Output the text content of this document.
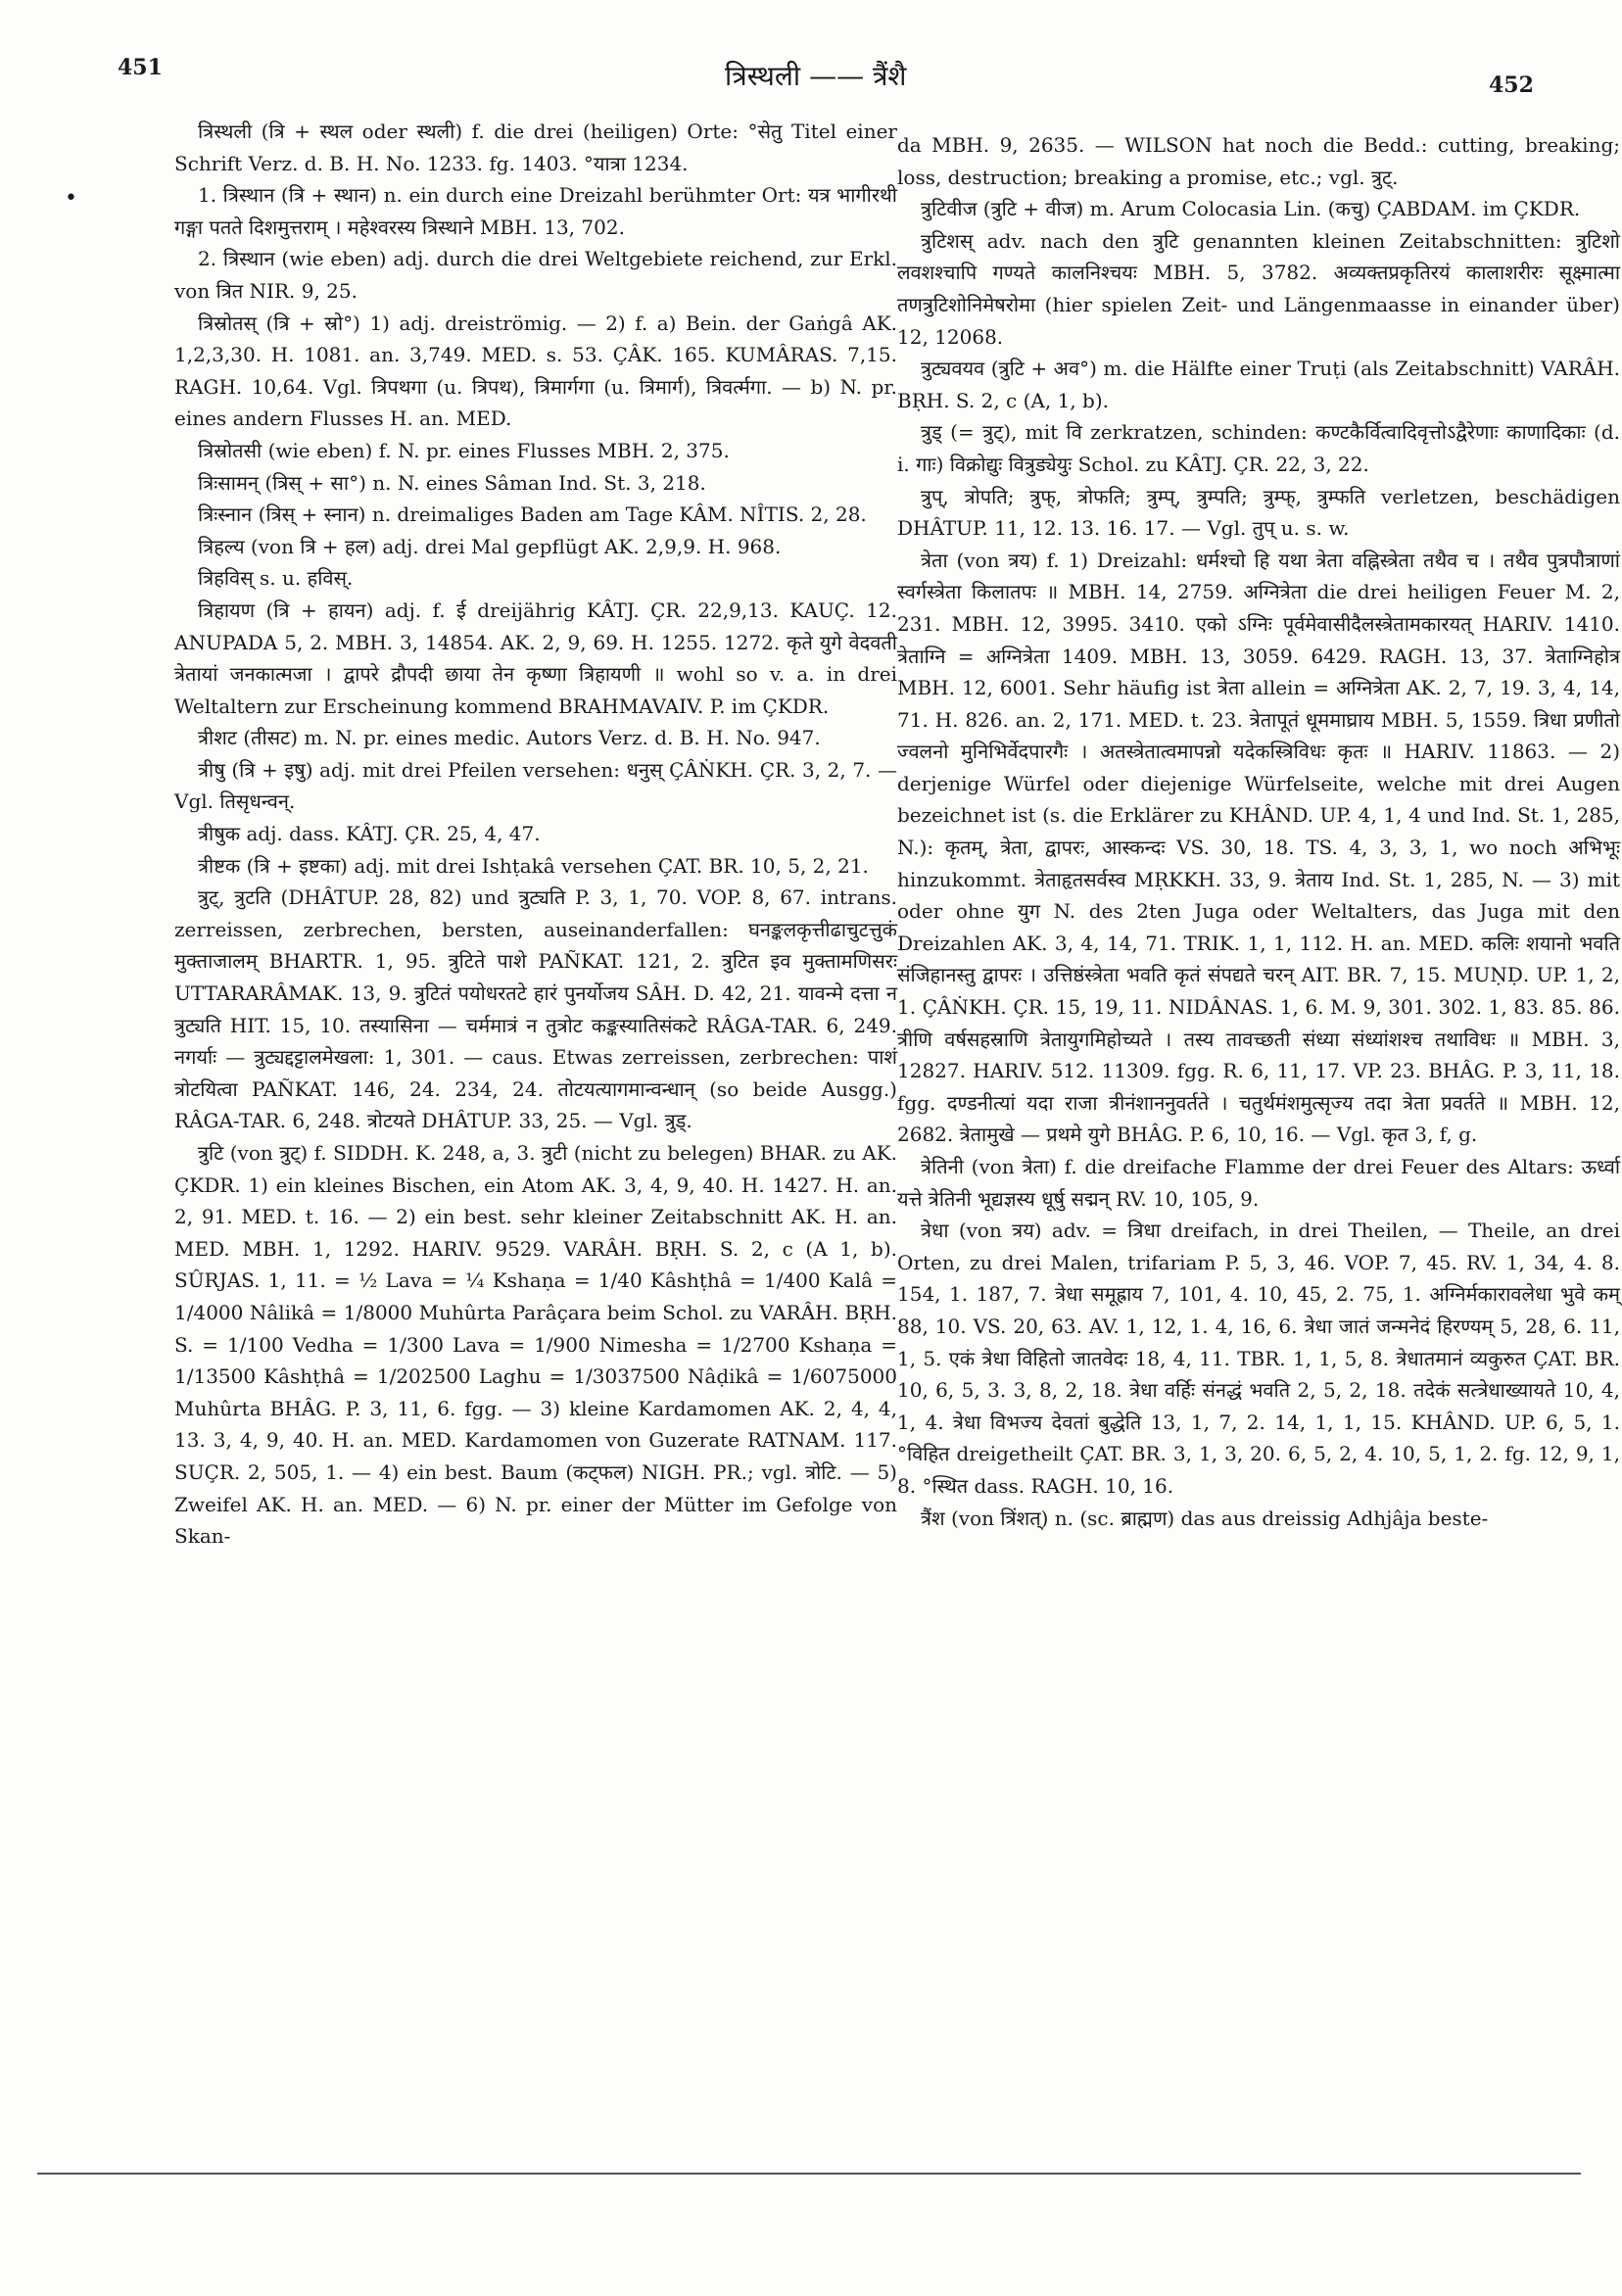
451	त्रिस्थली —— त्रैंशै	452
•

त्रिस्थली (त्रि + स्थल oder स्थली) f. die drei (heiligen) Orte: °सेतु Titel einer Schrift Verz. d. B. H. No. 1233. fg. 1403. °यात्रा 1234.

1. त्रिस्थान (त्रि + स्थान) n. ein durch eine Dreizahl berühmter Ort: यत्र भागीरथी गङ्गा पतते दिशमुत्तराम् । महेश्वरस्य त्रिस्थाने MBH. 13, 702.

2. त्रिस्थान (wie eben) adj. durch die drei Weltgebiete reichend, zur Erkl. von त्रित NIR. 9, 25.

त्रिस्रोतस् (त्रि + स्रो°) 1) adj. dreiströmig. — 2) f. a) Bein. der Gaṅgâ AK. 1,2,3,30. H. 1081. an. 3,749. MED. s. 53. ÇÂK. 165. KUMÂRAS. 7,15. RAGH. 10,64. Vgl. त्रिपथगा (u. त्रिपथ), त्रिमार्गगा (u. त्रिमार्ग), त्रिवर्त्मगा. — b) N. pr. eines andern Flusses H. an. MED.

त्रिस्रोतसी (wie eben) f. N. pr. eines Flusses MBH. 2, 375.

त्रिःसामन् (त्रिस् + सा°) n. N. eines Sâman Ind. St. 3, 218.

त्रिःस्नान (त्रिस् + स्नान) n. dreimaliges Baden am Tage KÂM. NÎTIS. 2, 28.

त्रिहल्य (von त्रि + हल) adj. drei Mal gepflügt AK. 2,9,9. H. 968.

त्रिहविस् s. u. हविस्.

त्रिहायण (त्रि + हायन) adj. f. ई dreijährig KÂTJ. ÇR. 22,9,13. KAUÇ. 12. ANUPADA 5, 2. MBH. 3, 14854. AK. 2, 9, 69. H. 1255. 1272. कृते युगे वेदवती त्रेतायां जनकात्मजा । द्वापरे द्रौपदी छाया तेन कृष्णा त्रिहायणी ॥ wohl so v. a. in drei Weltaltern zur Erscheinung kommend BRAHMAVAIV. P. im ÇKDR.

त्रीशट (तीसट) m. N. pr. eines medic. Autors Verz. d. B. H. No. 947.

त्रीषु (त्रि + इषु) adj. mit drei Pfeilen versehen: धनुस् ÇÂṄKH. ÇR. 3, 2, 7. — Vgl. तिसृधन्वन्.

त्रीषुक adj. dass. KÂTJ. ÇR. 25, 4, 47.

त्रीष्टक (त्रि + इष्टका) adj. mit drei Ishṭakâ versehen ÇAT. BR. 10, 5, 2, 21.

त्रुट्, त्रुटति (DHÂTUP. 28, 82) und त्रुट्यति P. 3, 1, 70. VOP. 8, 67. intrans. zerreissen, zerbrechen, bersten, auseinanderfallen: घनङ्कलकृत्तीढाचुटत्तुकं मुक्ताजालम् BHARTR. 1, 95. त्रुटिते पाशे PAÑKAT. 121, 2. त्रुटित इव मुक्तामणिसरः UTTARARÂMAK. 13, 9. त्रुटितं पयोधरतटे हारं पुनर्योजय SÂH. D. 42, 21. यावन्मे दत्ता न त्रुट्यति HIT. 15, 10. तस्यासिना — चर्ममात्रं न तुत्रोट कङ्कस्यातिसंकटे RÂGA-TAR. 6, 249. नगर्याः — त्रुट्यद्दट्टालमेखला: 1, 301. — caus. Etwas zerreissen, zerbrechen: पाशं त्रोटयित्वा PAÑKAT. 146, 24. 234, 24. तोटयत्यागमान्वन्धान् (so beide Ausgg.) RÂGA-TAR. 6, 248. त्रोटयते DHÂTUP. 33, 25. — Vgl. त्रुड्.

त्रुटि (von त्रुट्) f. SIDDH. K. 248, a, 3. त्रुटी (nicht zu belegen) BHAR. zu AK. ÇKDR. 1) ein kleines Bischen, ein Atom AK. 3, 4, 9, 40. H. 1427. H. an. 2, 91. MED. t. 16. — 2) ein best. sehr kleiner Zeitabschnitt AK. H. an. MED. MBH. 1, 1292. HARIV. 9529. VARÂH. BṚH. S. 2, c (A 1, b). SÛRJAS. 1, 11. = ½ Lava = ¼ Kshaṇa = 1/40 Kâshṭhâ = 1/400 Kalâ = 1/4000 Nâlikâ = 1/8000 Muhûrta Parâçara beim Schol. zu VARÂH. BṚH. S. = 1/100 Vedha = 1/300 Lava = 1/900 Nimesha = 1/2700 Kshaṇa = 1/13500 Kâshṭhâ = 1/202500 Laghu = 1/3037500 Nâḍikâ = 1/6075000 Muhûrta BHÂG. P. 3, 11, 6. fgg. — 3) kleine Kardamomen AK. 2, 4, 4, 13. 3, 4, 9, 40. H. an. MED. Kardamomen von Guzerate RATNAM. 117. SUÇR. 2, 505, 1. — 4) ein best. Baum (कट्फल) NIGH. PR.; vgl. त्रोटि. — 5) Zweifel AK. H. an. MED. — 6) N. pr. einer der Mütter im Gefolge von Skan-

da MBH. 9, 2635. — WILSON hat noch die Bedd.: cutting, breaking; loss, destruction; breaking a promise, etc.; vgl. त्रुट्.

त्रुटिवीज (त्रुटि + वीज) m. Arum Colocasia Lin. (कचु) ÇABDAM. im ÇKDR.

त्रुटिशस् adv. nach den त्रुटि genannten kleinen Zeitabschnitten: त्रुटिशो लवशश्चापि गण्यते कालनिश्चयः MBH. 5, 3782. अव्यक्तप्रकृतिरयं कालाशरीरः सूक्ष्मात्मा तणत्रुटिशोनिमेषरोमा (hier spielen Zeit- und Längenmaasse in einander über) 12, 12068.

त्रुट्यवयव (त्रुटि + अव°) m. die Hälfte einer Truṭi (als Zeitabschnitt) VARÂH. BṚH. S. 2, c (A, 1, b).

त्रुड् (= त्रुट्), mit वि zerkratzen, schinden: कण्टकैर्वित्वादिवृत्तोऽद्वैरेणाः काणादिकाः (d. i. गाः) विक्रोद्युः वित्रुड्येयुः Schol. zu KÂTJ. ÇR. 22, 3, 22.

त्रुप्, त्रोपति; त्रुफ्, त्रोफति; त्रुम्प्, त्रुम्पति; त्रुम्फ्, त्रुम्फति verletzen, beschädigen DHÂTUP. 11, 12. 13. 16. 17. — Vgl. तुप् u. s. w.

त्रेता (von त्रय) f. 1) Dreizahl: धर्मश्चो हि यथा त्रेता वह्निस्त्रेता तथैव च । तथैव पुत्रपौत्राणां स्वर्गस्त्रेता किलातपः ॥ MBH. 14, 2759. अग्नित्रेता die drei heiligen Feuer M. 2, 231. MBH. 12, 3995. 3410. एको ऽग्निः पूर्वमेवासीदैलस्त्रेतामकारयत् HARIV. 1410. त्रेताग्नि = अग्नित्रेता 1409. MBH. 13, 3059. 6429. RAGH. 13, 37. त्रेताग्निहोत्र MBH. 12, 6001. Sehr häufig ist त्रेता allein = अग्नित्रेता AK. 2, 7, 19. 3, 4, 14, 71. H. 826. an. 2, 171. MED. t. 23. त्रेतापूतं धूममाघ्राय MBH. 5, 1559. त्रिधा प्रणीतो ज्वलनो मुनिभिर्वेदपारगैः । अतस्त्रेतात्वमापन्नो यदेकस्त्रिविधः कृतः ॥ HARIV. 11863. — 2) derjenige Würfel oder diejenige Würfelseite, welche mit drei Augen bezeichnet ist (s. die Erklärer zu KHÂND. UP. 4, 1, 4 und Ind. St. 1, 285, N.): कृतम्, त्रेता, द्वापरः, आस्कन्दः VS. 30, 18. TS. 4, 3, 3, 1, wo noch अभिभूः hinzukommt. त्रेताहृतसर्वस्व MṚKKH. 33, 9. त्रेताय Ind. St. 1, 285, N. — 3) mit oder ohne युग N. des 2ten Juga oder Weltalters, das Juga mit den Dreizahlen AK. 3, 4, 14, 71. TRIK. 1, 1, 112. H. an. MED. कलिः शयानो भवति संजिहानस्तु द्वापरः । उत्तिष्ठंस्त्रेता भवति कृतं संपद्यते चरन् AIT. BR. 7, 15. MUṆḌ. UP. 1, 2, 1. ÇÂṄKH. ÇR. 15, 19, 11. NIDÂNAS. 1, 6. M. 9, 301. 302. 1, 83. 85. 86. त्रीणि वर्षसहस्राणि त्रेतायुगमिहोच्यते । तस्य तावच्छती संध्या संध्यांशश्च तथाविधः ॥ MBH. 3, 12827. HARIV. 512. 11309. fgg. R. 6, 11, 17. VP. 23. BHÂG. P. 3, 11, 18. fgg. दण्डनीत्यां यदा राजा त्रीनंशाननुवर्तते । चतुर्थमंशमुत्सृज्य तदा त्रेता प्रवर्तते ॥ MBH. 12, 2682. त्रेतामुखे — प्रथमे युगे BHÂG. P. 6, 10, 16. — Vgl. कृत 3, f, g.

त्रेतिनी (von त्रेता) f. die dreifache Flamme der drei Feuer des Altars: ऊर्ध्वा यत्ते त्रेतिनी भूद्यज्ञस्य धूर्षु सद्मन् RV. 10, 105, 9.

त्रेधा (von त्रय) adv. = त्रिधा dreifach, in drei Theilen, — Theile, an drei Orten, zu drei Malen, trifariam P. 5, 3, 46. VOP. 7, 45. RV. 1, 34, 4. 8. 154, 1. 187, 7. त्रेधा समूह्राय 7, 101, 4. 10, 45, 2. 75, 1. अग्निर्मकारावलेधा भुवे कम् 88, 10. VS. 20, 63. AV. 1, 12, 1. 4, 16, 6. त्रेधा जातं जन्मनेदं हिरण्यम् 5, 28, 6. 11, 1, 5. एकं त्रेधा विहितो जातवेदः 18, 4, 11. TBR. 1, 1, 5, 8. त्रेधातमानं व्यकुरुत ÇAT. BR. 10, 6, 5, 3. 3, 8, 2, 18. त्रेधा वर्हिः संनद्धं भवति 2, 5, 2, 18. तदेकं सत्त्रेधाख्यायते 10, 4, 1, 4. त्रेधा विभज्य देवतां बुद्धेति 13, 1, 7, 2. 14, 1, 1, 15. KHÂND. UP. 6, 5, 1. °विहित dreigetheilt ÇAT. BR. 3, 1, 3, 20. 6, 5, 2, 4. 10, 5, 1, 2. fg. 12, 9, 1, 8. °स्थित dass. RAGH. 10, 16.

त्रैंश (von त्रिंशत्) n. (sc. ब्राह्मण) das aus dreissig Adhjâja beste-
